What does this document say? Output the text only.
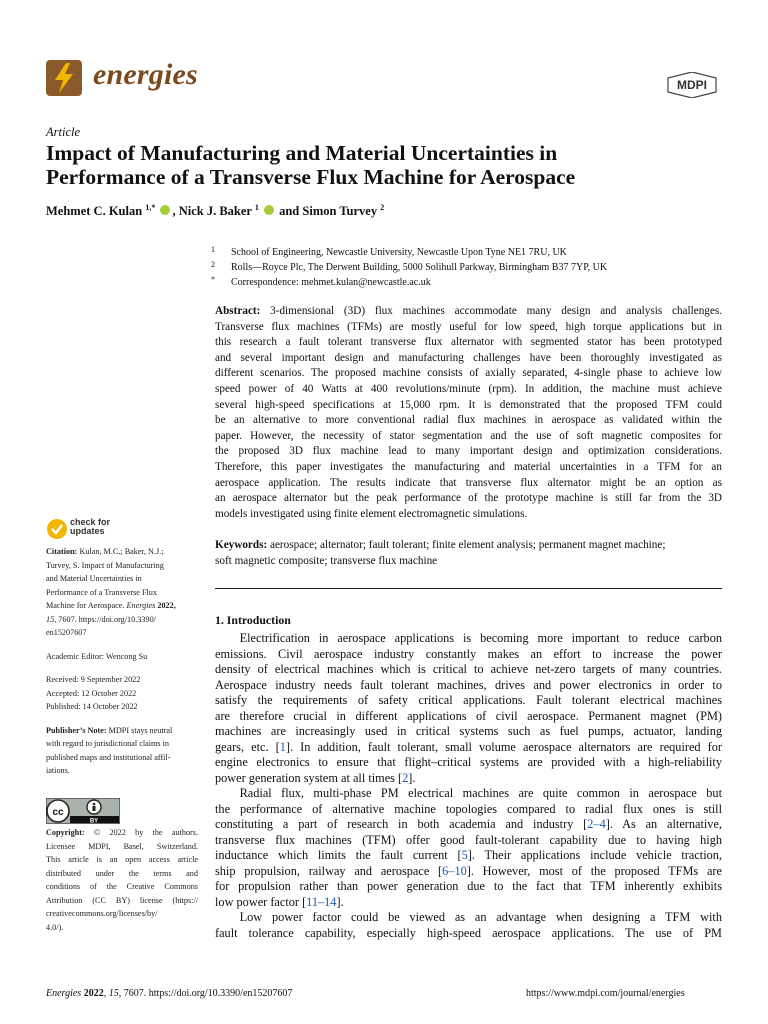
energies	MDPI
Article
Impact of Manufacturing and Material Uncertainties in
Performance of a Transverse Flux Machine for Aerospace
Mehmet C. Kulan $^{1,*}$ , Nick J. Baker $^1$  and Simon Turvey $^2$
1 School of Engineering, Newcastle University, Newcastle Upon Tyne NE1 7RU, UK
2 Rolls—Royce Plc, The Derwent Building, 5000 Solihull Parkway, Birmingham B37 7YP, UK
* Correspondence: mehmet.kulan@newcastle.ac.uk
Abstract: 3-dimensional (3D) flux machines accommodate many design and analysis challenges.
Transverse flux machines (TFMs) are mostly useful for low speed, high torque applications but in
this research a fault tolerant transverse flux alternator with segmented stator has been prototyped
and several important design and manufacturing challenges have been thoroughly investigated as
different scenarios. The proposed machine consists of axially separated, 4-single phase to achieve low
speed power of 40 Watts at 400 revolutions/minute (rpm). In addition, the machine must achieve
several high-speed specifications at 15,000 rpm. It is demonstrated that the proposed TFM could
be an alternative to more conventional radial flux machines in aerospace as validated within the
paper. However, the necessity of stator segmentation and the use of soft magnetic composites for
the proposed 3D flux machine lead to many important design and optimization considerations.
Therefore, this paper investigates the manufacturing and material uncertainties in a TFM for an
aerospace application. The results indicate that transverse flux alternator might be an option as
an aerospace alternator but the peak performance of the prototype machine is still far from the 3D
models investigated using finite element electromagnetic simulations.
Keywords: aerospace; alternator; fault tolerant; finite element analysis; permanent magnet machine;
soft magnetic composite; transverse flux machine
check for
updates
Citation: Kulan, M.C.; Baker, N.J.;
Turvey, S. Impact of Manufacturing
and Material Uncertainties in
Performance of a Transverse Flux
Machine for Aerospace. Energies 2022,
15, 7607. https://doi.org/10.3390/
en15207607
Academic Editor: Wencong Su
Received: 9 September 2022
Accepted: 12 October 2022
Published: 14 October 2022
Publisher’s Note: MDPI stays neutral
with regard to jurisdictional claims in
published maps and institutional affil-
iations.
cc
BY
Copyright: © 2022 by the authors.
Licensee MDPI, Basel, Switzerland.
This article is an open access article
distributed under the terms and
conditions of the Creative Commons
Attribution (CC BY) license (https://
creativecommons.org/licenses/by/
4.0/).
1. Introduction
  Electrification in aerospace applications is becoming more important to reduce carbon
emissions. Civil aerospace industry constantly makes an effort to increase the power
density of electrical machines which is critical to achieve net-zero targets of many countries.
Aerospace industry needs fault tolerant machines, drives and power electronics in order to
satisfy the requirements of safety critical applications. Fault tolerant electrical machines
are therefore crucial in different applications of civil aerospace. Permanent magnet (PM)
machines are increasingly used in critical systems such as fuel pumps, actuator, landing
gears, etc. [1]. In addition, fault tolerant, small volume aerospace alternators are required for
engine electronics to ensure that flight–critical systems are provided with a high-reliability
power generation system at all times [2].
  Radial flux, multi-phase PM electrical machines are quite common in aerospace but
the performance of alternative machine topologies compared to radial flux ones is still
constituting a part of research in both academia and industry [2–4]. As an alternative,
transverse flux machines (TFM) offer good fault-tolerant capability due to having high
inductance which limits the fault current [5]. Their applications include vehicle traction,
ship propulsion, railway and aerospace [6–10]. However, most of the proposed TFMs are
for propulsion rather than power generation due to the fact that TFM inherently exhibits
low power factor [11–14].
  Low power factor could be viewed as an advantage when designing a TFM with
fault tolerance capability, especially high-speed aerospace applications. The use of PM
Energies 2022, 15, 7607. https://doi.org/10.3390/en15207607	https://www.mdpi.com/journal/energies
